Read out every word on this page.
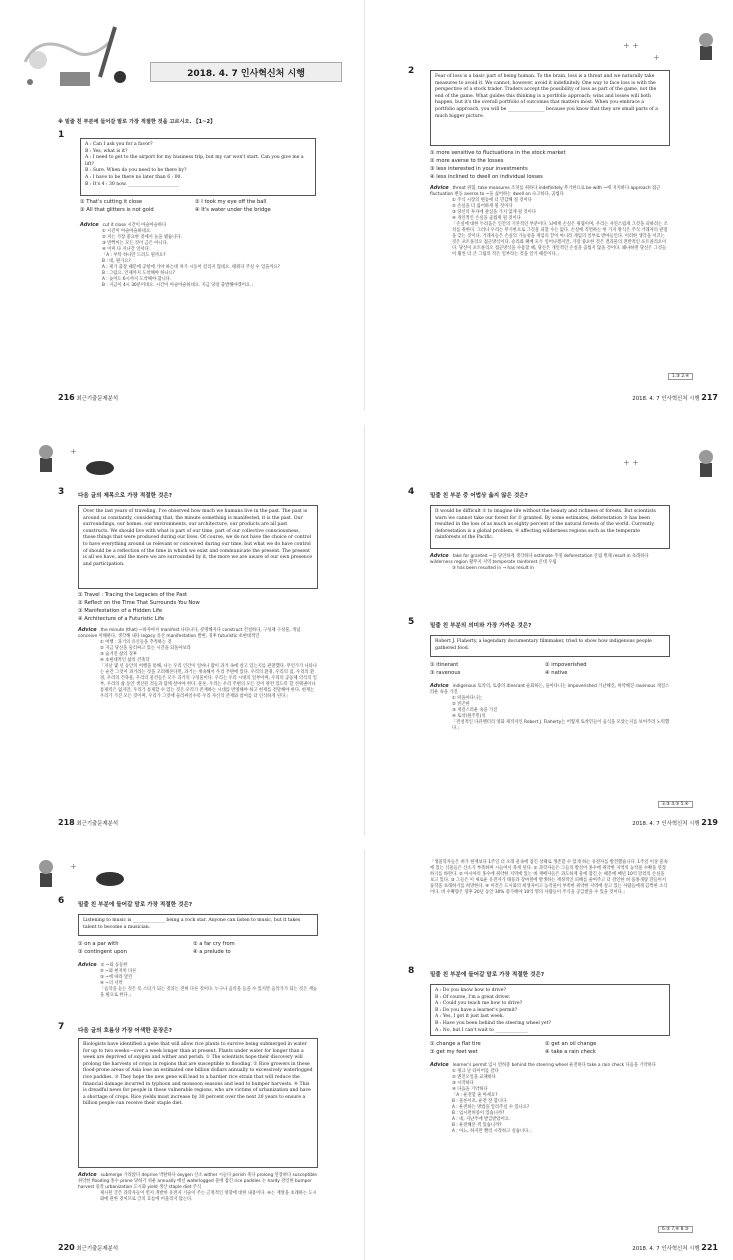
2018. 4. 7 인사혁신처 시행
※ 밑줄 친 부분에 들어갈 말로 가장 적절한 것을 고르시오. 【1~2】
1
A : Can I ask you for a favor?
B : Yes, what is it?
A : I need to get to the airport for my business trip, but my car won't start. Can you give me a lift?
B : Sure. When do you need to be there by?
A : I have to be there no later than 6 : 00.
B : It's 4 : 30 now. ______________________
① That's cutting it close	② I took my eye off the ball
③ All that glitters is not gold	④ It's water under the bridge
Advice cut it close 시간이 아슬아슬하다
① 시간이 아슬아슬하네요.
② 저는 가장 중요한 것에서 눈을 뗐습니다.
③ 반짝이는 모든 것이 금은 아니다.
④ 이미 다 지나간 일이다.
「A : 부탁 하나만 드려도 될까요?
B : 네, 뭔가요?
A : 제가 출장 때문에 공항에 가야 하는데 차가 시동이 걸리지 않네요. 태워다 주실 수 있을까요?
B : 그럼요. 언제까지 도착해야 하나요?
A : 늦어도 6시까지 도착해야 합니다.
B : 지금이 4시 30분이네요. 시간이 아슬아슬하네요. 지금 당장 출발해야겠어요.」
216 최근기출문제분석
+ +
+
2
Fear of loss is a basic part of being human. To the brain, loss is a threat and we naturally take measures to avoid it. We cannot, however, avoid it indefinitely. One way to face loss is with the perspective of a stock trader. Traders accept the possibility of loss as part of the game, not the end of the game. What guides this thinking is a portfolio approach; wins and losses will both happen, but it's the overall portfolio of outcomes that matters most. When you embrace a portfolio approach, you will be ________________ because you know that they are small parts of a much bigger picture.
① more sensitive to fluctuations in the stock market
② more averse to the losses
③ less interested in your investments
④ less inclined to dwell on individual losses
Advice threat 위협, take measures 조치를 취하다 indefinitely 무기한으로 be with ~에 지지하다 approach 접근 fluctuation 변동 averse to ~을 싫어하는 dwell on 숙고하다, 곰씹다
① 주식 시장의 변동에 더 민감해 질 것이다
② 손실을 더 싫어하게 될 것이다
③ 당신의 투자에 관심을 가지 않게 될 것이다
④ 개인적인 손실을 곱씹게 될 것이다
「손실에 대한 두려움은 인간의 기본적인 부분이다. 뇌에게 손실은 위협이며, 우리는 자연스럽게 그것을 피하려는 조치를 취한다. 그러나 우리는 무기한으로 그것을 피할 수는 없다. 손실에 직면하는 한 가지 방식은 주식 거래자의 관점을 갖는 것이다. 거래자들은 손실의 가능성을 게임의 끝이 아니라 게임의 일부로 받아들인다. 이러한 생각을 이끄는 것은 포트폴리오 접근방식이다. 승리와 패배 모두 일어나겠지만, 가장 중요한 것은 결과물의 전반적인 포트폴리오이다. 당신이 포트폴리오 접근방식을 수용할 때, 당신은 개인적인 손실을 곱씹지 않을 것이다. 왜냐하면 당신은 그것들이 훨씬 더 큰 그림의 작은 일부라는 것을 알기 때문이다.」
1.③ 2.④
2018. 4. 7 인사혁신처 시행 217
+
3 다음 글의 제목으로 가장 적절한 것은?
Over the last years of traveling, I've observed how much we humans live in the past. The past is around us constantly, considering that, the minute something is manifested, it is the past. Our surroundings, our homes, our environments, our architecture, our products are all past constructs. We should live with what is part of our time, part of our collective consciousness, those things that were produced during our lives. Of course, we do not have the choice or control to have everything around us relevant or conceived during our time, but what we do have control of should be a reflection of the time in which we exist and communicate the present. The present is all we have, and the more we are surrounded by it, the more we are aware of our own presence and participation.
① Travel : Tracing the Legacies of the Past
② Reflect on the Time That Surrounds You Now
③ Manifestation of a Hidden Life
④ Architecture of a Futuristic Life
Advice the minute (that) ~하자마자 manifest 나타나다, 분명해지다 construct 건설하다, 구성체 구성물, 개념 conceive 이해하다, 생각해 내다 legacy 유산 manifestation 발현, 징후 futuristic 초현대적인
① 여행 : 과거의 유산들을 추적하는 것
② 지금 당신을 둘러싸고 있는 시간을 되돌아보라
③ 숨겨진 삶의 징후
④ 초현대적인 삶의 건축학
「지난 몇 년 동안의 여행을 통해, 나는 우리 인간이 얼마나 많이 과거 속에 살고 있는지를 관찰했다. 무언가가 나타나는 순간 그것이 과거라는 것을 고려해본다면, 과거는 계속해서 우리 주변에 있다. 우리의 환경, 우리의 집, 우리의 환경, 우리의 건축물, 우리의 물건들은 모두 과거의 구성물이다. 우리는 우리 시대의 일부이며, 우리의 공동체 의식의 일부, 우리의 삶 동안 생산된 것들과 함께 살아야 한다. 물론, 우리는 우리 주변의 모든 것이 관련 있도록 할 선택권이나 통제력은 없지만, 우리가 통제할 수 있는 것은 우리가 존재하는 시대를 반영해야 하고 현재를 전달해야 한다. 현재는 우리가 가진 모든 것이며, 우리가 그것에 둘러싸일수록 우리 자신의 존재와 참여를 더 인식하게 된다.」
218 최근기출문제분석
+ +
4	밑줄 친 부분 중 어법상 옳지 않은 것은?
It would be difficult ① to imagine life without the beauty and richness of forests. But scientists warn we cannot take our forest for ② granted. By some estimates, deforestation ③ has been resulted in the loss of as much as eighty percent of the natural forests of the world. Currently, deforestation is a global problem, ④ affecting wilderness regions such as the temperate rainforests of the Pacific.
Advice take for granted ~을 당연하게 생각하다 estimate 추정 deforestation 산림 벌채 result in 초래하다 wilderness region 황무지 지역 temperate rainforest 온대 우림
③ has been resulted in → has result in
5	밑줄 친 부분의 의미와 가장 가까운 것은?
Robert J. Flaherty, a legendary documentary filmmaker, tried to show how indigenous people gathered food.
① itinerant	② impoverished
③ ravenous	④ native
Advice indigenous 토착의, 토종의 itinerant 순회하는, 돌아다니는 impoverished 가난해진, 허약해진 ravenous 게걸스러운 속을 가진
① 떠돌아다니는
② 빈곤한
③ 게걸스러운 속을 가진
④ 토착(원주민)의
「전설적인 다큐멘터리 영화 제작자인 Robert J. Flaherty는 어떻게 토착민들이 음식을 모았는지를 보여주려 노력했다.」
3.③ 4.③ 5.④
2018. 4. 7 인사혁신처 시행 219
+
6 밑줄 친 부분에 들어갈 말로 가장 적절한 것은?
Listening to music is ______________ being a rock star. Anyone can listen to music, but it takes talent to become a musician.
① on a par with	② a far cry from
③ contingent upon	④ a prelude to
Advice ① ~와 동등한
② ~와 현저히 다른
③ ~에 따라 달린
④ ~의 서막
「음악을 듣는 것은 록 스타가 되는 것과는 전혀 다른 것이다. 누구나 음악을 들을 수 있지만 음악가가 되는 것은 재능을 필요로 한다.」
7 다음 글의 흐름상 가장 어색한 문장은?
Biologists have identified a gene that will allow rice plants to survive being submerged in water for up to two weeks—over a week longer than at present. Plants under water for longer than a week are deprived of oxygen and wither and perish. ① The scientists hope their discovery will prolong the harvests of crops in regions that are susceptible to flooding. ② Rice growers in these flood-prone areas of Asia lose an estimated one billion dollars annually to excessively waterlogged rice paddies. ③ They hope the new gene will lead to a hardier rice strain that will reduce the financial damage incurred in typhoon and monsoon seasons and lead to bumper harvests. ④ This is dreadful news for people in those vulnerable regions, who are victims of urbanization and have a shortage of crops. Rice yields must increase by 30 percent over the next 20 years to ensure a billion people can receive their staple diet.
Advice submerge 가라앉다 deprive 박탈하다 oxygen 산소 wither 시들다 perish 죽다 prolong 연장하다 susceptible 취약한 flooding 홍수 prone 당하기 쉬운 annually 매년 waterlogged 물에 잠긴 rice paddies 논 hardy 강인한 bumper harvest 풍작 urbanization 도시화 yield 생산 staple diet 주식
제시된 글은 과학자들이 먼저 개발한 유전자 기술이 주는 긍정적인 영향에 대한 내용이다. ④는 재앙을 초래하는 도시화에 관한 것이므로 글의 흐름에 어울리지 않는다.
220 최근기출문제분석
「생물학자들은 벼가 현재보다 1주일 더 오래 물속에 잠긴 상태로 생존할 수 있게 하는 유전자를 발견했습니다. 1주일 이상 물속에 있는 식물들은 산소가 부족하며 시들어서 죽게 된다. ① 과학자들은 그들의 발견이 홍수에 취약한 지역의 농작물 수확을 연장하기를 바란다. ② 아시아의 홍수에 취약한 지역에 있는 벼 재배자들은 과도하게 물에 잠긴 논 때문에 매년 10억 달러의 손실을 보고 있다. ③ 그들은 이 새로운 유전자가 태풍과 장마철에 발생하는 재정적인 피해를 줄여주고 더 강인한 벼 품종개량 만들어서 풍작을 초래하기를 희망한다. ④ 이것은 도시화의 희생자이고 농작물이 부족한 취약한 지역에 살고 있는 사람들에게 끔찍한 소식이다. 벼 수확량은 향후 20년 동안 30% 증가해야 10억 명의 사람들이 주식을 공급받을 수 있을 것이다.」
8	밑줄 친 부분에 들어갈 말로 가장 적절한 것은?
A : Do you know how to drive?
B : Of course, I'm a great driver.
A : Could you teach me how to drive?
B : Do you have a learner's permit?
A : Yes, I got it just last week.
B : Have you been behind the steering wheel yet?
A : No, but I can't wait to ______________
① change a flat tire	② get an oil change
③ get my feet wet	④ take a rain check
Advice learner's permit 임시 면허증 behind the steering wheel 운전하다 take a rain check 다음을 기약하다
① 펑크 난 타이어를 갈다
② 엔진오일을 교체하다
③ 시작하다
④ 다음을 기약하다
「A : 운전할 줄 아세요?
B : 물론이죠, 운전 잘 합니다.
A : 운전하는 방법을 알려주실 수 있나요?
B : 임시면허증이 있습니까?
A : 네, 지난주에 발급받았어요.
B : 운전해본 적 있습니까?
A : 아뇨, 하지만 빨리 시작하고 싶습니다.」
6.③ 7.④ 8.③
2018. 4. 7 인사혁신처 시행 221
